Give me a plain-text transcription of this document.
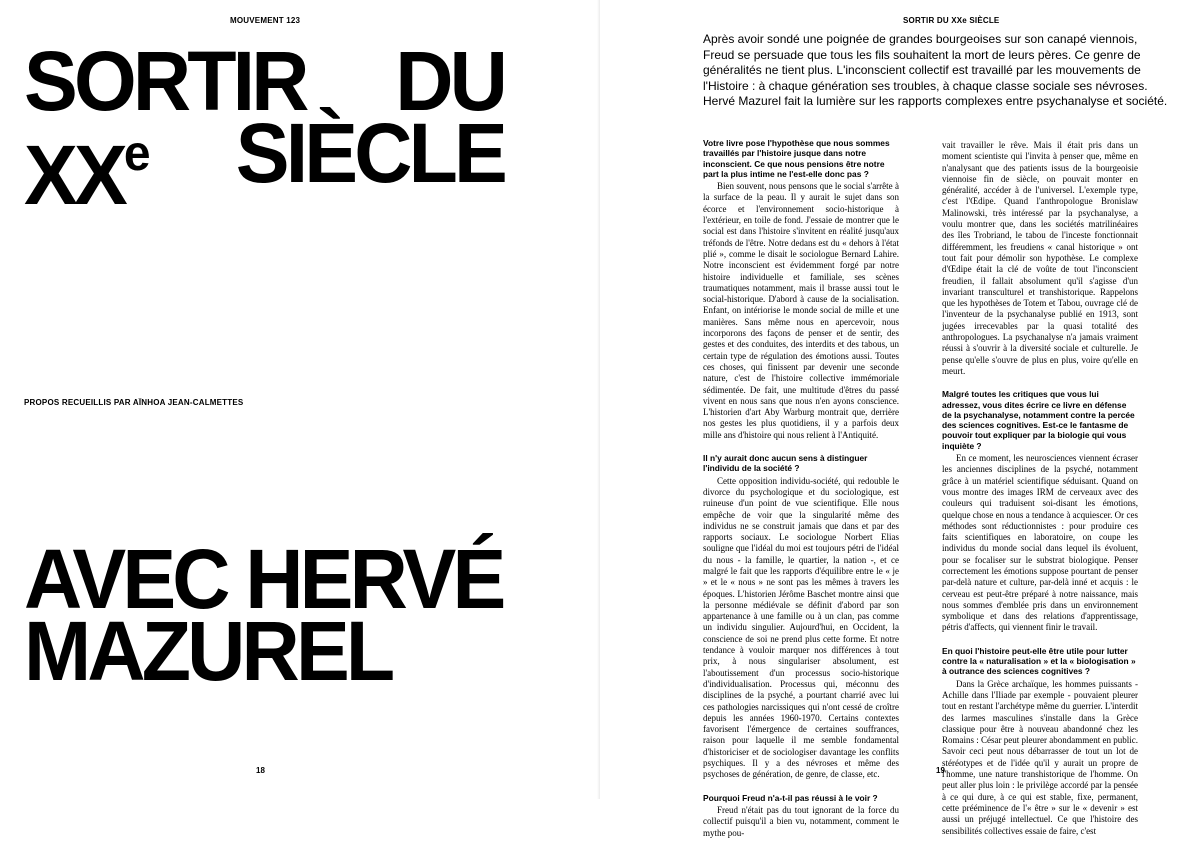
MOUVEMENT 123
SORTIR DU
XXe SIÈCLE
PROPOS RECUEILLIS PAR AÏNHOA JEAN-CALMETTES
AVEC HERVÉ
MAZUREL
18
SORTIR DU XXe SIÈCLE
Après avoir sondé une poignée de grandes bourgeoises sur son canapé viennois, Freud se persuade que tous les fils souhaitent la mort de leurs pères. Ce genre de généralités ne tient plus. L'inconscient collectif est travaillé par les mouvements de l'Histoire : à chaque génération ses troubles, à chaque classe sociale ses névroses. Hervé Mazurel fait la lumière sur les rapports complexes entre psychanalyse et société.

Votre livre pose l'hypothèse que nous sommes travaillés par l'histoire jusque dans notre inconscient. Ce que nous pensions être notre part la plus intime ne l'est-elle donc pas ?

Bien souvent, nous pensons que le social s'arrête à la surface de la peau. Il y aurait le sujet dans son écorce et l'environnement socio-historique à l'extérieur, en toile de fond. J'essaie de montrer que le social est dans l'histoire s'invitent en réalité jusqu'aux tréfonds de l'être. Notre dedans est du « dehors à l'état plié », comme le disait le sociologue Bernard Lahire. Notre inconscient est évidemment forgé par notre histoire individuelle et familiale, ses scènes traumatiques notamment, mais il brasse aussi tout le social-historique. D'abord à cause de la socialisation. Enfant, on intériorise le monde social de mille et une manières. Sans même nous en apercevoir, nous incorporons des façons de penser et de sentir, des gestes et des conduites, des interdits et des tabous, un certain type de régulation des émotions aussi. Toutes ces choses, qui finissent par devenir une seconde nature, c'est de l'histoire collective immémoriale sédimentée. De fait, une multitude d'êtres du passé vivent en nous sans que nous n'en ayons conscience. L'historien d'art Aby Warburg montrait que, derrière nos gestes les plus quotidiens, il y a parfois deux mille ans d'histoire qui nous relient à l'Antiquité.

Il n'y aurait donc aucun sens à distinguer l'individu de la société ?

Cette opposition individu-société, qui redouble le divorce du psychologique et du sociologique, est ruineuse d'un point de vue scientifique. Elle nous empêche de voir que la singularité même des individus ne se construit jamais que dans et par des rapports sociaux. Le sociologue Norbert Elias souligne que l'idéal du moi est toujours pétri de l'idéal du nous - la famille, le quartier, la nation -, et ce malgré le fait que les rapports d'équilibre entre le « je » et le « nous » ne sont pas les mêmes à travers les époques. L'historien Jérôme Baschet montre ainsi que la personne médiévale se définit d'abord par son appartenance à une famille ou à un clan, pas comme un individu singulier. Aujourd'hui, en Occident, la conscience de soi ne prend plus cette forme. Et notre tendance à vouloir marquer nos différences à tout prix, à nous singulariser absolument, est l'aboutissement d'un processus socio-historique d'individualisation. Processus qui, méconnu des disciplines de la psyché, a pourtant charrié avec lui ces pathologies narcissiques qui n'ont cessé de croître depuis les années 1960-1970. Certains contextes favorisent l'émergence de certaines souffrances, raison pour laquelle il me semble fondamental d'historiciser et de sociologiser davantage les conflits psychiques. Il y a des névroses et même des psychoses de génération, de genre, de classe, etc.

Pourquoi Freud n'a-t-il pas réussi à le voir ?

Freud n'était pas du tout ignorant de la force du collectif puisqu'il a bien vu, notamment, comment le mythe pou-

vait travailler le rêve. Mais il était pris dans un moment scientiste qui l'invita à penser que, même en n'analysant que des patients issus de la bourgeoisie viennoise fin de siècle, on pouvait monter en généralité, accéder à de l'universel. L'exemple type, c'est l'Œdipe. Quand l'anthropologue Bronislaw Malinowski, très intéressé par la psychanalyse, a voulu montrer que, dans les sociétés matrilinéaires des îles Trobriand, le tabou de l'inceste fonctionnait différemment, les freudiens « canal historique » ont tout fait pour démolir son hypothèse. Le complexe d'Œdipe était la clé de voûte de tout l'inconscient freudien, il fallait absolument qu'il s'agisse d'un invariant transculturel et transhistorique. Rappelons que les hypothèses de Totem et Tabou, ouvrage clé de l'inventeur de la psychanalyse publié en 1913, sont jugées irrecevables par la quasi totalité des anthropologues. La psychanalyse n'a jamais vraiment réussi à s'ouvrir à la diversité sociale et culturelle. Je pense qu'elle s'ouvre de plus en plus, voire qu'elle en meurt.

Malgré toutes les critiques que vous lui adressez, vous dites écrire ce livre en défense de la psychanalyse, notamment contre la percée des sciences cognitives. Est-ce le fantasme de pouvoir tout expliquer par la biologie qui vous inquiète ?

En ce moment, les neurosciences viennent écraser les anciennes disciplines de la psyché, notamment grâce à un matériel scientifique séduisant. Quand on vous montre des images IRM de cerveaux avec des couleurs qui traduisent soi-disant les émotions, quelque chose en nous a tendance à acquiescer. Or ces méthodes sont réductionnistes : pour produire ces faits scientifiques en laboratoire, on coupe les individus du monde social dans lequel ils évoluent, pour se focaliser sur le substrat biologique. Penser correctement les émotions suppose pourtant de penser par-delà nature et culture, par-delà inné et acquis : le cerveau est peut-être préparé à notre naissance, mais nous sommes d'emblée pris dans un environnement symbolique et dans des relations d'apprentissage, pétris d'affects, qui viennent finir le travail.

En quoi l'histoire peut-elle être utile pour lutter contre la « naturalisation » et la « biologisation » à outrance des sciences cognitives ?

Dans la Grèce archaïque, les hommes puissants - Achille dans l'Iliade par exemple - pouvaient pleurer tout en restant l'archétype même du guerrier. L'interdit des larmes masculines s'installe dans la Grèce classique pour être à nouveau abandonné chez les Romains : César peut pleurer abondamment en public. Savoir ceci peut nous débarrasser de tout un lot de stéréotypes et de l'idée qu'il y aurait un propre de l'homme, une nature transhistorique de l'homme. On peut aller plus loin : le privilège accordé par la pensée à ce qui dure, à ce qui est stable, fixe, permanent, cette prééminence de l'« être » sur le « devenir » est aussi un préjugé intellectuel. Ce que l'histoire des sensibilités collectives essaie de faire, c'est

19
